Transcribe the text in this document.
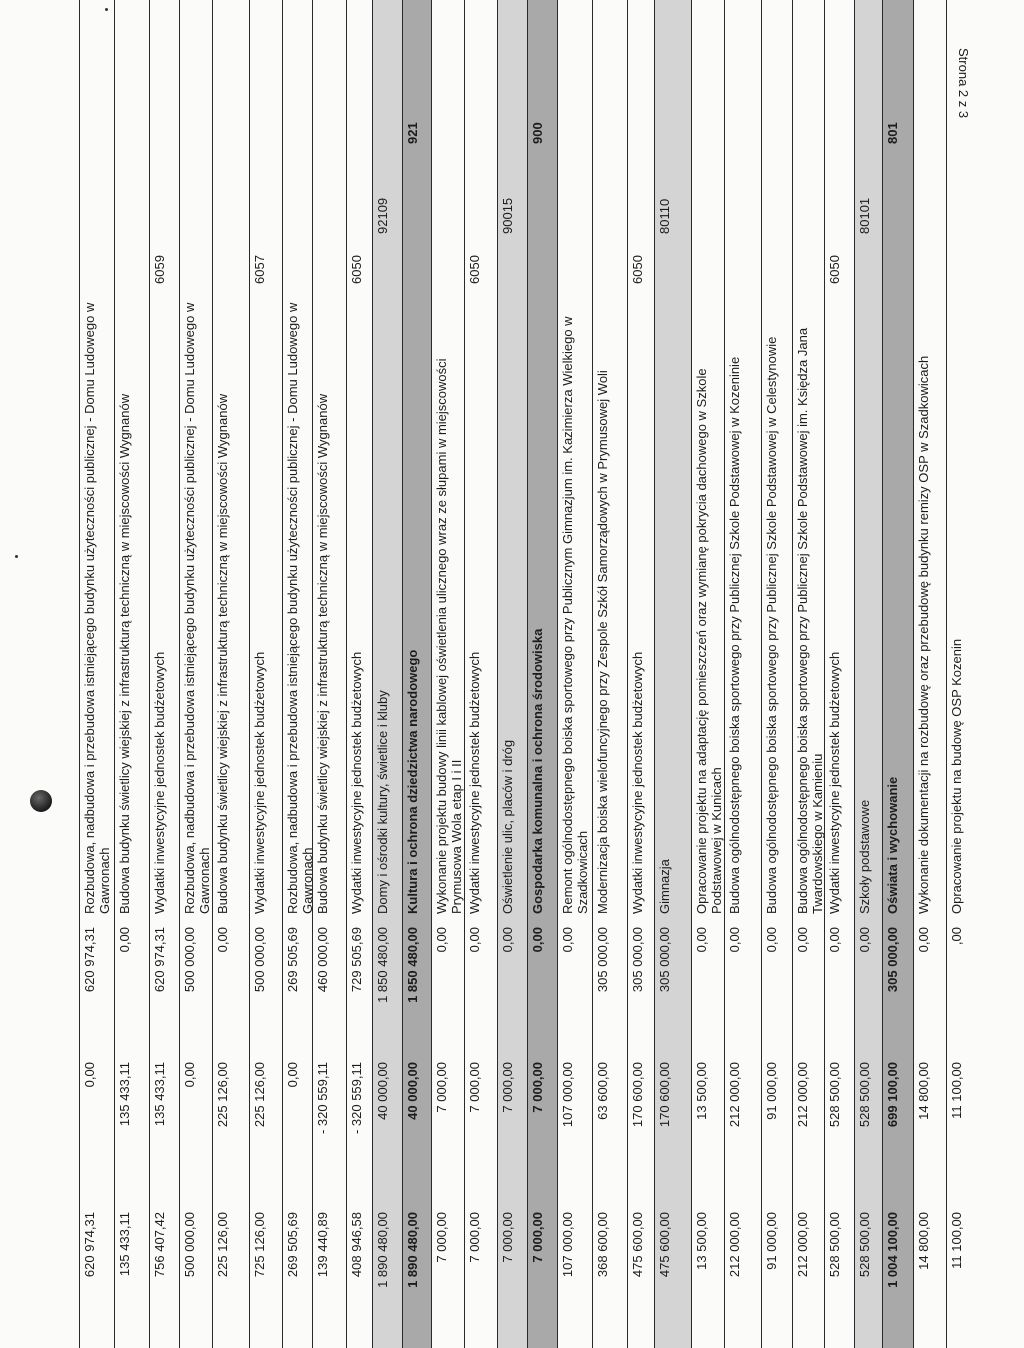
Opracowanie projektu na budowę OSP Kozenin
,00
11 100,00
11 100,00
Wykonanie dokumentacji na rozbudowę oraz przebudowę budynku remizy OSP w Szadkowicach
0,00
14 800,00
14 800,00
801
Oświata i wychowanie
305 000,00
699 100,00
1 004 100,00
80101
Szkoły podstawowe
0,00
528 500,00
528 500,00
6050
Wydatki inwestycyjne jednostek budżetowych
0,00
528 500,00
528 500,00
Budowa ogólnodostępnego boiska sportowego przy Publicznej Szkole Podstawowej im. Księdza Jana Twardowskiego w Kamieniu
0,00
212 000,00
212 000,00
Budowa ogólnodostępnego boiska sportowego przy Publicznej Szkole Podstawowej w Celestynowie
0,00
91 000,00
91 000,00
Budowa ogólnodostępnego boiska sportowego przy Publicznej Szkole Podstawowej w Kozeninie
0,00
212 000,00
212 000,00
Opracowanie projektu na adaptację pomieszczeń oraz wymianę pokrycia dachowego w Szkole Podstawowej w Kunicach
0,00
13 500,00
13 500,00
80110
Gimnazja
305 000,00
170 600,00
475 600,00
6050
Wydatki inwestycyjne jednostek budżetowych
305 000,00
170 600,00
475 600,00
Modernizacja boiska wielofuncyjnego przy Zespole Szkół Samorządowych w Prymusowej Woli
305 000,00
63 600,00
368 600,00
Remont ogólnodostępnego boiska sportowego przy Publicznym Gimnazjum im. Kazimierza Wielkiego w Szadkowicach
0,00
107 000,00
107 000,00
900
Gospodarka komunalna i ochrona środowiska
0,00
7 000,00
7 000,00
90015
Oświetlenie ulic, placów i dróg
0,00
7 000,00
7 000,00
6050
Wydatki inwestycyjne jednostek budżetowych
0,00
7 000,00
7 000,00
Wykonanie projektu budowy linii kablowej oświetlenia ulicznego wraz ze słupami w miejscowości Prymusowa Wola etap I i II
0,00
7 000,00
7 000,00
921
Kultura i ochrona dziedzictwa narodowego
1 850 480,00
40 000,00
1 890 480,00
92109
Domy i ośrodki kultury, świetlice i kluby
1 850 480,00
40 000,00
1 890 480,00
6050
Wydatki inwestycyjne jednostek budżetowych
729 505,69
- 320 559,11
408 946,58
Budowa budynku świetlicy wiejskiej z infrastrukturą techniczną w miejscowości Wygnanów
460 000,00
- 320 559,11
139 440,89
Rozbudowa, nadbudowa i przebudowa istniejącego budynku użyteczności publicznej - Domu Ludowego w Gawronach
269 505,69
0,00
269 505,69
6057
Wydatki inwestycyjne jednostek budżetowych
500 000,00
225 126,00
725 126,00
Budowa budynku świetlicy wiejskiej z infrastrukturą techniczną w miejscowości Wygnanów
0,00
225 126,00
225 126,00
Rozbudowa, nadbudowa i przebudowa istniejącego budynku użyteczności publicznej - Domu Ludowego w Gawronach
500 000,00
0,00
500 000,00
6059
Wydatki inwestycyjne jednostek budżetowych
620 974,31
135 433,11
756 407,42
Budowa budynku świetlicy wiejskiej z infrastrukturą techniczną w miejscowości Wygnanów
0,00
135 433,11
135 433,11
Rozbudowa, nadbudowa i przebudowa istniejącego budynku użyteczności publicznej - Domu Ludowego w Gawronach
620 974,31
0,00
620 974,31
Strona 2 z 3
